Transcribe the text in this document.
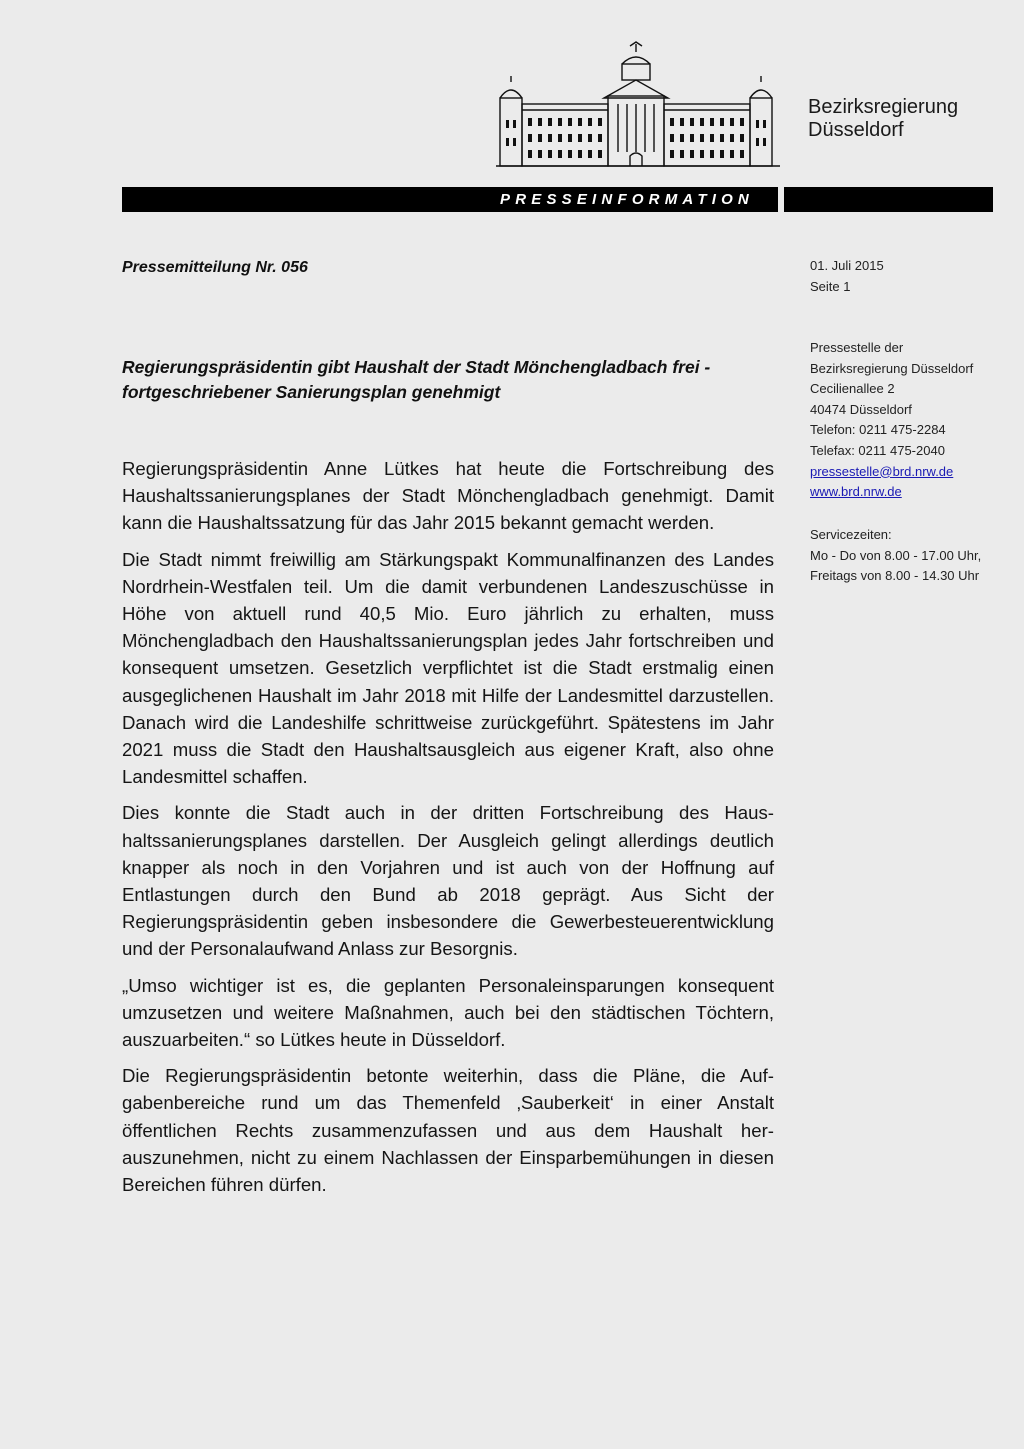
Bezirksregierung
Düsseldorf
PRESSEINFORMATION
Pressemitteilung Nr. 056
Regierungspräsidentin gibt Haushalt der Stadt Mönchengladbach frei -
fortgeschriebener Sanierungsplan genehmigt

Regierungspräsidentin Anne Lütkes hat heute die Fortschreibung des Haushaltssanierungsplanes der Stadt Mönchengladbach genehmigt. Damit kann die Haushaltssatzung für das Jahr 2015 bekannt gemacht werden.

Die Stadt nimmt freiwillig am Stärkungspakt Kommunalfinanzen des Landes Nordrhein-Westfalen teil. Um die damit verbundenen Landeszuschüsse in Höhe von aktuell rund 40,5 Mio. Euro jährlich zu erhalten, muss Mönchengladbach den Haushaltssanierungsplan jedes Jahr fortschreiben und konsequent umsetzen. Gesetzlich verpflichtet ist die Stadt erstmalig einen ausgeglichenen Haushalt im Jahr 2018 mit Hilfe der Landesmittel darzustellen. Danach wird die Landeshilfe schrittweise zurückgeführt. Spätestens im Jahr 2021 muss die Stadt den Haushaltsausgleich aus eigener Kraft, also ohne Landesmittel schaffen.

Dies konnte die Stadt auch in der dritten Fortschreibung des Haushaltssanierungsplanes darstellen. Der Ausgleich gelingt allerdings deutlich knapper als noch in den Vorjahren und ist auch von der Hoffnung auf Entlastungen durch den Bund ab 2018 geprägt. Aus Sicht der Regierungspräsidentin geben insbesondere die Gewerbesteuerentwicklung und der Personalaufwand Anlass zur Besorgnis.

„Umso wichtiger ist es, die geplanten Personaleinsparungen konsequent umzusetzen und weitere Maßnahmen, auch bei den städtischen Töchtern, auszuarbeiten.“ so Lütkes heute in Düsseldorf.

Die Regierungspräsidentin betonte weiterhin, dass die Pläne, die Aufgabenbereiche rund um das Themenfeld ‚Sauberkeit‘ in einer Anstalt öffentlichen Rechts zusammenzufassen und aus dem Haushalt herauszunehmen, nicht zu einem Nachlassen der Einsparbemühungen in diesen Bereichen führen dürfen.

01. Juli 2015
Seite 1
Pressestelle der
Bezirksregierung Düsseldorf
Cecilienallee 2
40474 Düsseldorf
Telefon: 0211 475-2284
Telefax: 0211 475-2040
pressestelle@brd.nrw.de
www.brd.nrw.de
Servicezeiten:
Mo - Do von 8.00 - 17.00 Uhr,
Freitags von 8.00 - 14.30 Uhr
